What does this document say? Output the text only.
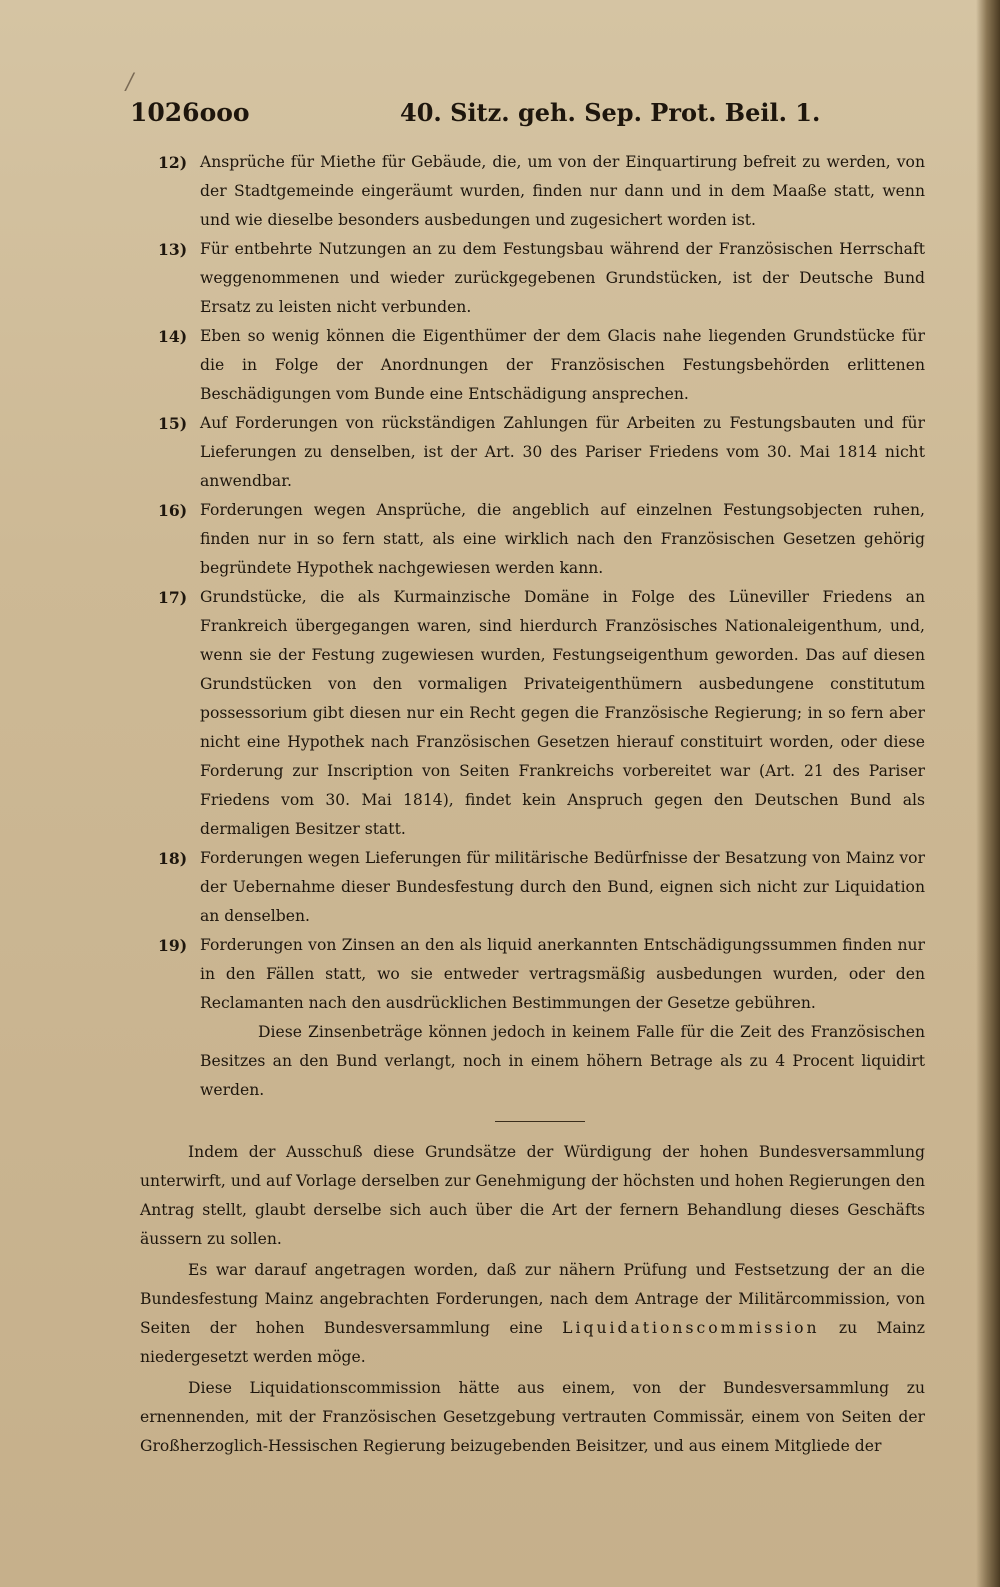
/
1026ooo	40. Sitz. geh. Sep. Prot. Beil. 1.
12) Ansprüche für Miethe für Gebäude, die, um von der Einquartirung befreit zu werden, von der Stadtgemeinde eingeräumt wurden, finden nur dann und in dem Maaße statt, wenn und wie dieselbe besonders ausbedungen und zugesichert worden ist.
13) Für entbehrte Nutzungen an zu dem Festungsbau während der Französischen Herrschaft weggenommenen und wieder zurückgegebenen Grundstücken, ist der Deutsche Bund Ersatz zu leisten nicht verbunden.
14) Eben so wenig können die Eigenthümer der dem Glacis nahe liegenden Grundstücke für die in Folge der Anordnungen der Französischen Festungsbehörden erlittenen Beschädigungen vom Bunde eine Entschädigung ansprechen.
15) Auf Forderungen von rückständigen Zahlungen für Arbeiten zu Festungsbauten und für Lieferungen zu denselben, ist der Art. 30 des Pariser Friedens vom 30. Mai 1814 nicht anwendbar.
16) Forderungen wegen Ansprüche, die angeblich auf einzelnen Festungsobjecten ruhen, finden nur in so fern statt, als eine wirklich nach den Französischen Gesetzen gehörig begründete Hypothek nachgewiesen werden kann.
17) Grundstücke, die als Kurmainzische Domäne in Folge des Lüneviller Friedens an Frankreich übergegangen waren, sind hierdurch Französisches Nationaleigenthum, und, wenn sie der Festung zugewiesen wurden, Festungseigenthum geworden. Das auf diesen Grundstücken von den vormaligen Privateigenthümern ausbedungene constitutum possessorium gibt diesen nur ein Recht gegen die Französische Regierung; in so fern aber nicht eine Hypothek nach Französischen Gesetzen hierauf constituirt worden, oder diese Forderung zur Inscription von Seiten Frankreichs vorbereitet war (Art. 21 des Pariser Friedens vom 30. Mai 1814), findet kein Anspruch gegen den Deutschen Bund als dermaligen Besitzer statt.
18) Forderungen wegen Lieferungen für militärische Bedürfnisse der Besatzung von Mainz vor der Uebernahme dieser Bundesfestung durch den Bund, eignen sich nicht zur Liquidation an denselben.
19) Forderungen von Zinsen an den als liquid anerkannten Entschädigungssummen finden nur in den Fällen statt, wo sie entweder vertragsmäßig ausbedungen wurden, oder den Reclamanten nach den ausdrücklichen Bestimmungen der Gesetze gebühren.

Diese Zinsenbeträge können jedoch in keinem Falle für die Zeit des Französischen Besitzes an den Bund verlangt, noch in einem höhern Betrage als zu 4 Procent liquidirt werden.

Indem der Ausschuß diese Grundsätze der Würdigung der hohen Bundesversammlung unterwirft, und auf Vorlage derselben zur Genehmigung der höchsten und hohen Regierungen den Antrag stellt, glaubt derselbe sich auch über die Art der fernern Behandlung dieses Geschäfts äussern zu sollen.

Es war darauf angetragen worden, daß zur nähern Prüfung und Festsetzung der an die Bundesfestung Mainz angebrachten Forderungen, nach dem Antrage der Militärcommission, von Seiten der hohen Bundesversammlung eine Liquidationscommission zu Mainz niedergesetzt werden möge.

Diese Liquidationscommission hätte aus einem, von der Bundesversammlung zu ernennenden, mit der Französischen Gesetzgebung vertrauten Commissär, einem von Seiten der Großherzoglich-Hessischen Regierung beizugebenden Beisitzer, und aus einem Mitgliede der
